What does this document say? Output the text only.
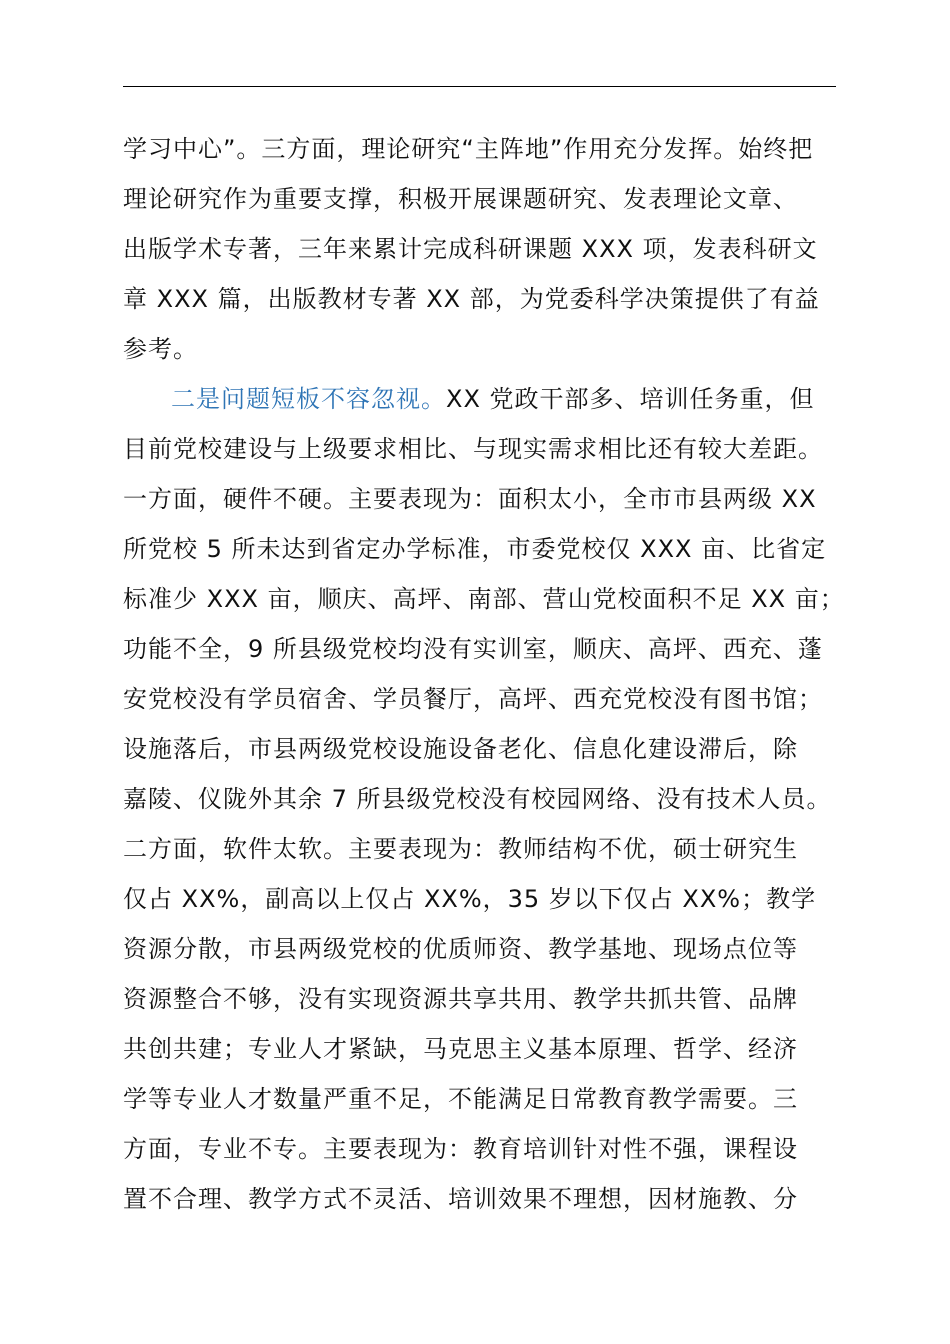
学习中心”。三方面，理论研究“主阵地”作用充分发挥。始终把
理论研究作为重要支撑，积极开展课题研究、发表理论文章、
出版学术专著，三年来累计完成科研课题 XXX 项，发表科研文
章 XXX 篇，出版教材专著 XX 部，为党委科学决策提供了有益
参考。
二是问题短板不容忽视。XX 党政干部多、培训任务重，但
目前党校建设与上级要求相比、与现实需求相比还有较大差距。
一方面，硬件不硬。主要表现为：面积太小，全市市县两级 XX
所党校 5 所未达到省定办学标准，市委党校仅 XXX 亩、比省定
标准少 XXX 亩，顺庆、高坪、南部、营山党校面积不足 XX 亩；
功能不全，9 所县级党校均没有实训室，顺庆、高坪、西充、蓬
安党校没有学员宿舍、学员餐厅，高坪、西充党校没有图书馆；
设施落后，市县两级党校设施设备老化、信息化建设滞后，除
嘉陵、仪陇外其余 7 所县级党校没有校园网络、没有技术人员。
二方面，软件太软。主要表现为：教师结构不优，硕士研究生
仅占 XX%，副高以上仅占 XX%，35 岁以下仅占 XX%；教学
资源分散，市县两级党校的优质师资、教学基地、现场点位等
资源整合不够，没有实现资源共享共用、教学共抓共管、品牌
共创共建；专业人才紧缺，马克思主义基本原理、哲学、经济
学等专业人才数量严重不足，不能满足日常教育教学需要。三
方面，专业不专。主要表现为：教育培训针对性不强，课程设
置不合理、教学方式不灵活、培训效果不理想，因材施教、分
